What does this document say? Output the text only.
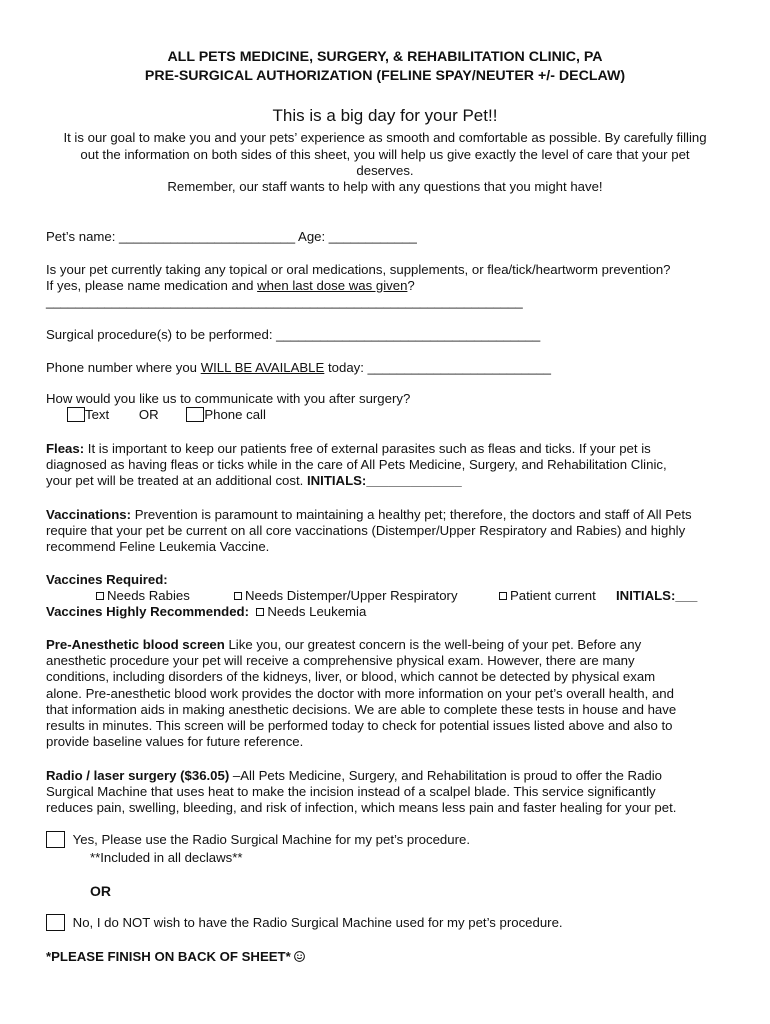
ALL PETS MEDICINE, SURGERY, & REHABILITATION CLINIC, PA
PRE-SURGICAL AUTHORIZATION (FELINE SPAY/NEUTER +/- DECLAW)
This is a big day for your Pet!!
It is our goal to make you and your pets’ experience as smooth and comfortable as possible. By carefully filling
out the information on both sides of this sheet, you will help us give exactly the level of care that your pet
deserves.
Remember, our staff wants to help with any questions that you might have!
Pet’s name: ________________________ Age: ____________
Is your pet currently taking any topical or oral medications, supplements, or flea/tick/heartworm prevention?
If yes, please name medication and when last dose was given?
_________________________________________________________________
Surgical procedure(s) to be performed: ____________________________________
Phone number where you WILL BE AVAILABLE today: _________________________
How would you like us to communicate with you after surgery?
Text OR	Phone call
Fleas: It is important to keep our patients free of external parasites such as fleas and ticks. If your pet is
diagnosed as having fleas or ticks while in the care of All Pets Medicine, Surgery, and Rehabilitation Clinic,
your pet will be treated at an additional cost. INITIALS:_____________
Vaccinations: Prevention is paramount to maintaining a healthy pet; therefore, the doctors and staff of All Pets
require that your pet be current on all core vaccinations (Distemper/Upper Respiratory and Rabies) and highly
recommend Feline Leukemia Vaccine.
Vaccines Required:
Needs Rabies	Needs Distemper/Upper Respiratory	Patient current INITIALS:___
Vaccines Highly Recommended: Needs Leukemia
Pre-Anesthetic blood screen Like you, our greatest concern is the well-being of your pet. Before any
anesthetic procedure your pet will receive a comprehensive physical exam. However, there are many
conditions, including disorders of the kidneys, liver, or blood, which cannot be detected by physical exam
alone. Pre-anesthetic blood work provides the doctor with more information on your pet’s overall health, and
that information aids in making anesthetic decisions. We are able to complete these tests in house and have
results in minutes. This screen will be performed today to check for potential issues listed above and also to
provide baseline values for future reference.
Radio / laser surgery ($36.05) –All Pets Medicine, Surgery, and Rehabilitation is proud to offer the Radio
Surgical Machine that uses heat to make the incision instead of a scalpel blade. This service significantly
reduces pain, swelling, bleeding, and risk of infection, which means less pain and faster healing for your pet.
Yes, Please use the Radio Surgical Machine for my pet’s procedure.
**Included in all declaws**
OR
No, I do NOT wish to have the Radio Surgical Machine used for my pet’s procedure.
*PLEASE FINISH ON BACK OF SHEET*
